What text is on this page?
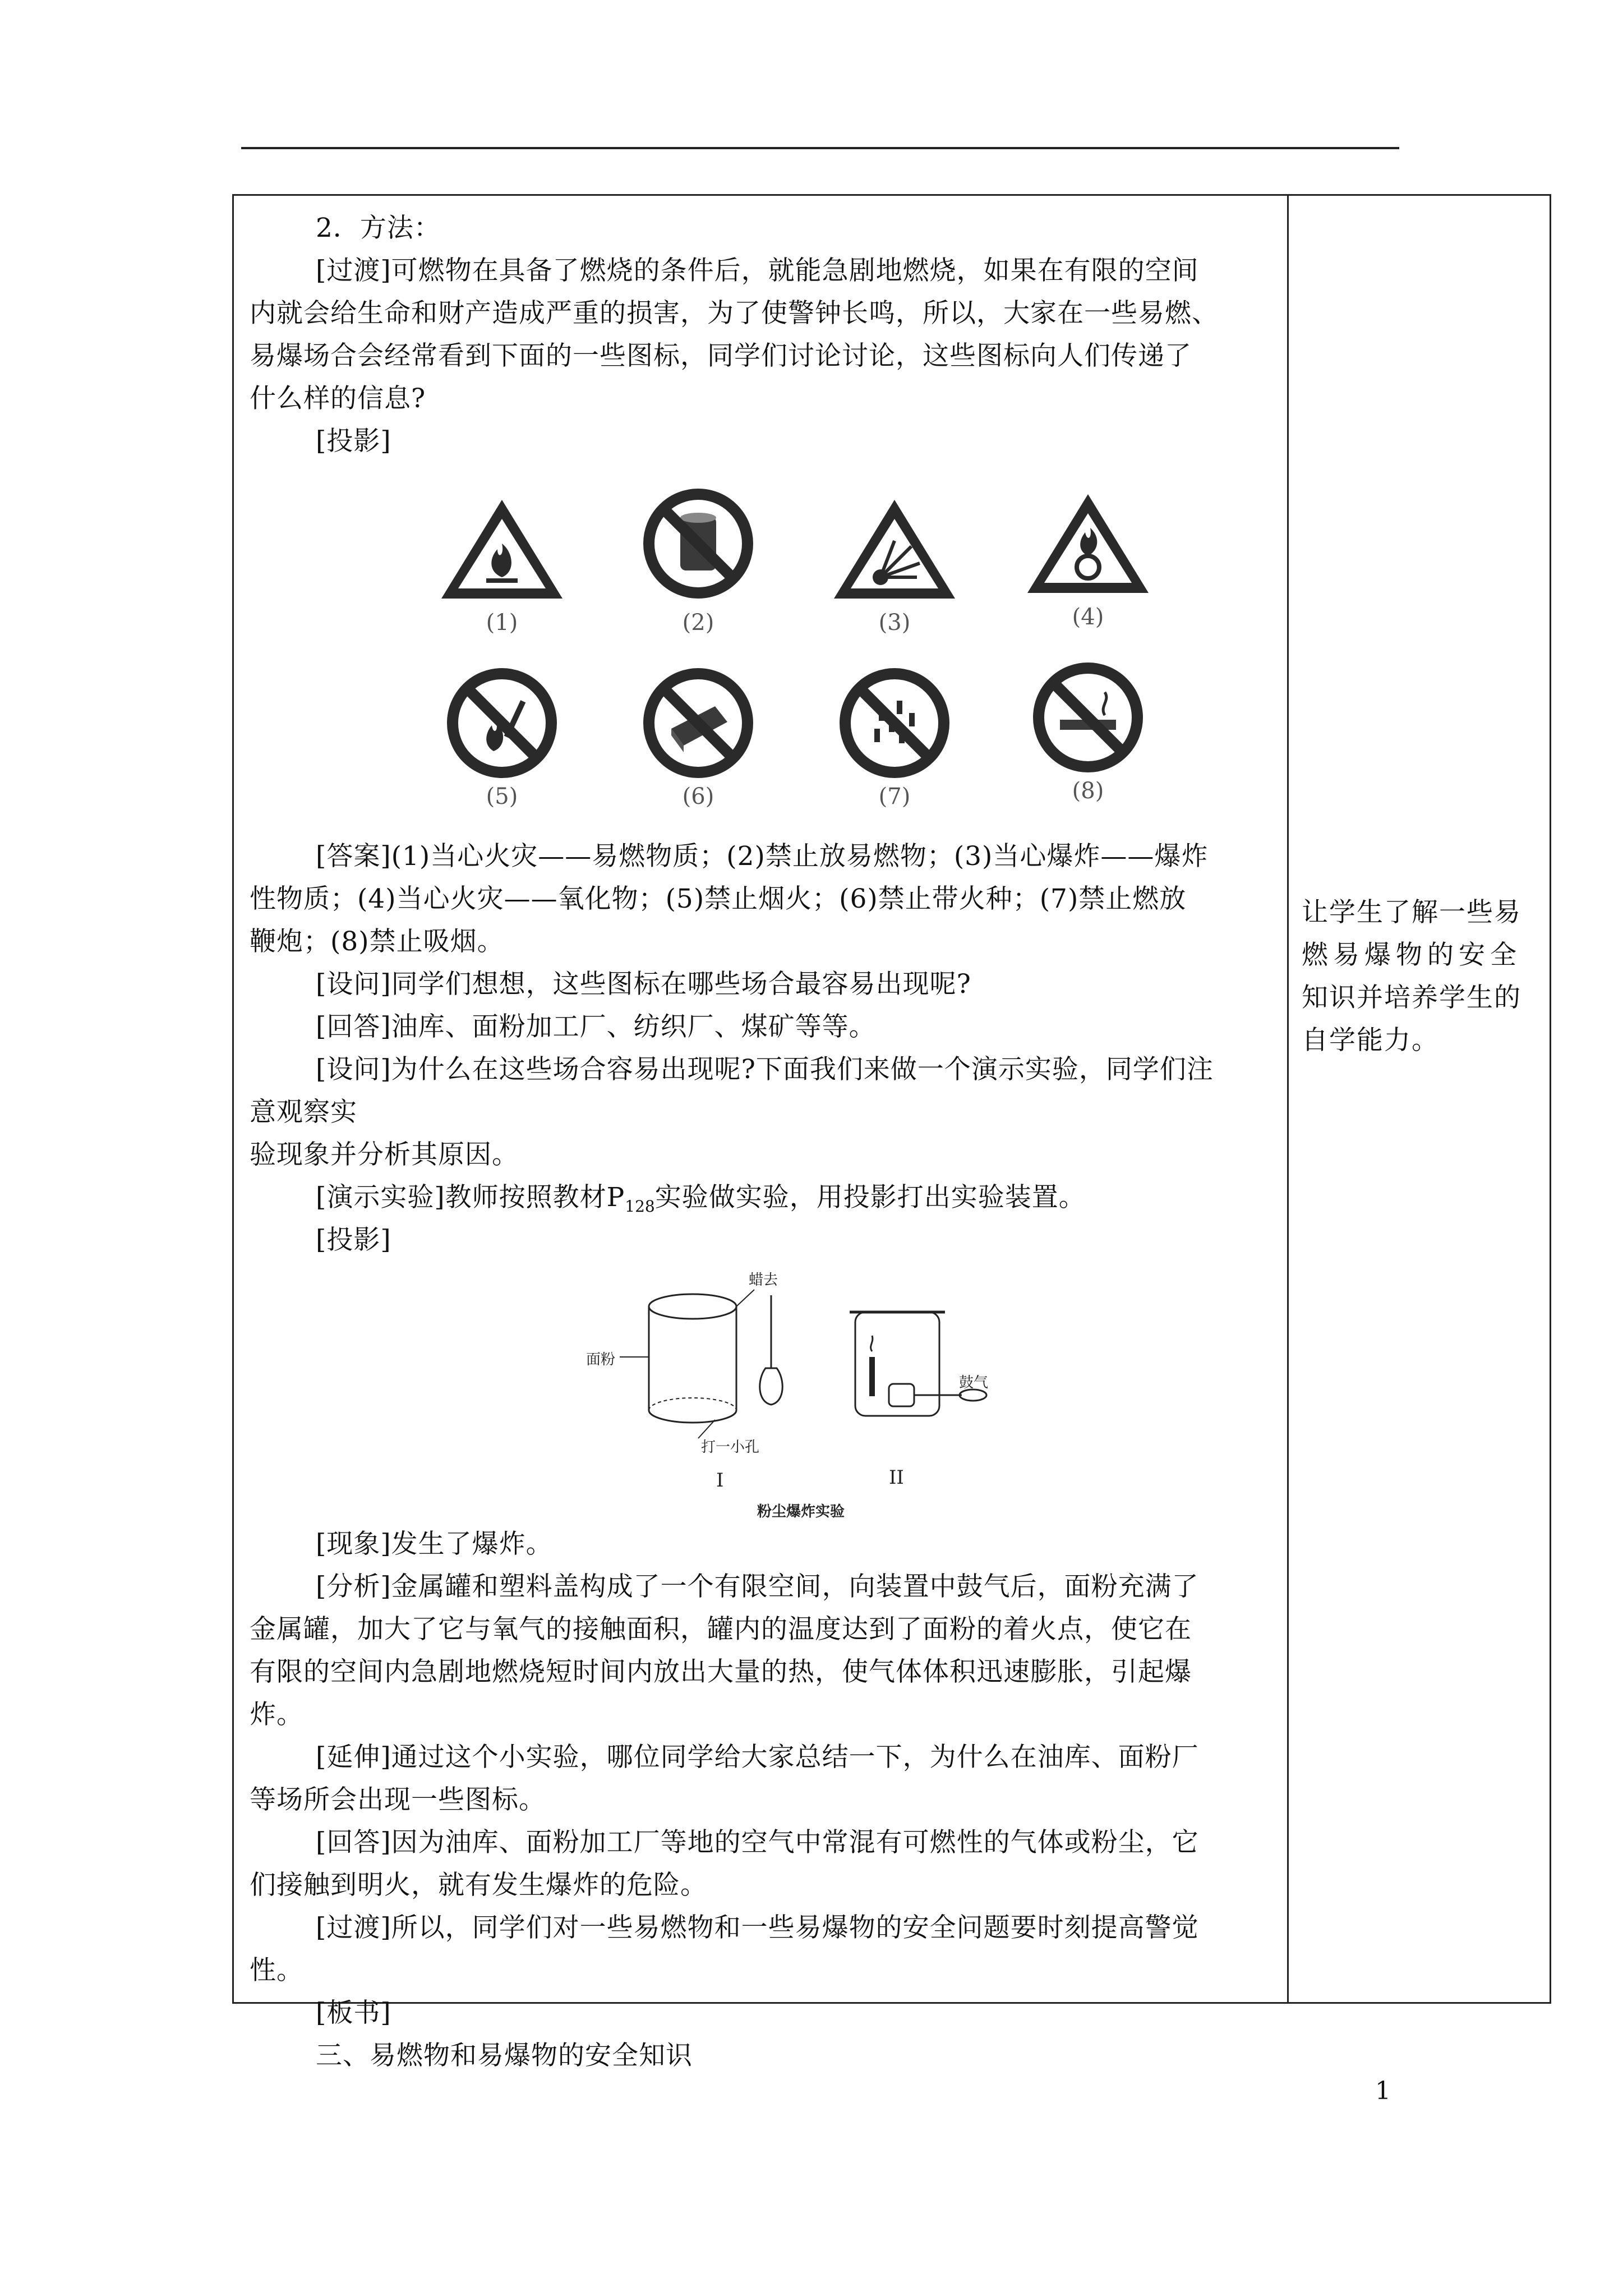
2．方法：
[过渡]可燃物在具备了燃烧的条件后，就能急剧地燃烧，如果在有限的空间
内就会给生命和财产造成严重的损害，为了使警钟长鸣，所以，大家在一些易燃、
易爆场合会经常看到下面的一些图标，同学们讨论讨论，这些图标向人们传递了
什么样的信息?
[投影]
(1)	(2)	(3)	(4)
(5)	(6)	(7)	(8)
[答案](1)当心火灾——易燃物质；(2)禁止放易燃物；(3)当心爆炸——爆炸
性物质；(4)当心火灾——氧化物；(5)禁止烟火；(6)禁止带火种；(7)禁止燃放
鞭炮；(8)禁止吸烟。
[设问]同学们想想，这些图标在哪些场合最容易出现呢?
[回答]油库、面粉加工厂、纺织厂、煤矿等等。
[设问]为什么在这些场合容易出现呢?下面我们来做一个演示实验，同学们注
意观察实
验现象并分析其原因。
[演示实验]教师按照教材$P_{128}$实验做实验，用投影打出实验装置。
[投影]
面粉
蜡去
打一小孔
鼓气
I	II
粉尘爆炸实验
[现象]发生了爆炸。
[分析]金属罐和塑料盖构成了一个有限空间，向装置中鼓气后，面粉充满了
金属罐，加大了它与氧气的接触面积，罐内的温度达到了面粉的着火点，使它在
有限的空间内急剧地燃烧短时间内放出大量的热，使气体体积迅速膨胀，引起爆
炸。
[延伸]通过这个小实验，哪位同学给大家总结一下，为什么在油库、面粉厂
等场所会出现一些图标。
[回答]因为油库、面粉加工厂等地的空气中常混有可燃性的气体或粉尘，它
们接触到明火，就有发生爆炸的危险。
[过渡]所以，同学们对一些易燃物和一些易爆物的安全问题要时刻提高警觉
性。
[板书]
三、易燃物和易爆物的安全知识
让学生了解一些易
燃易爆物的安全
知识并培养学生的
自学能力。
1
